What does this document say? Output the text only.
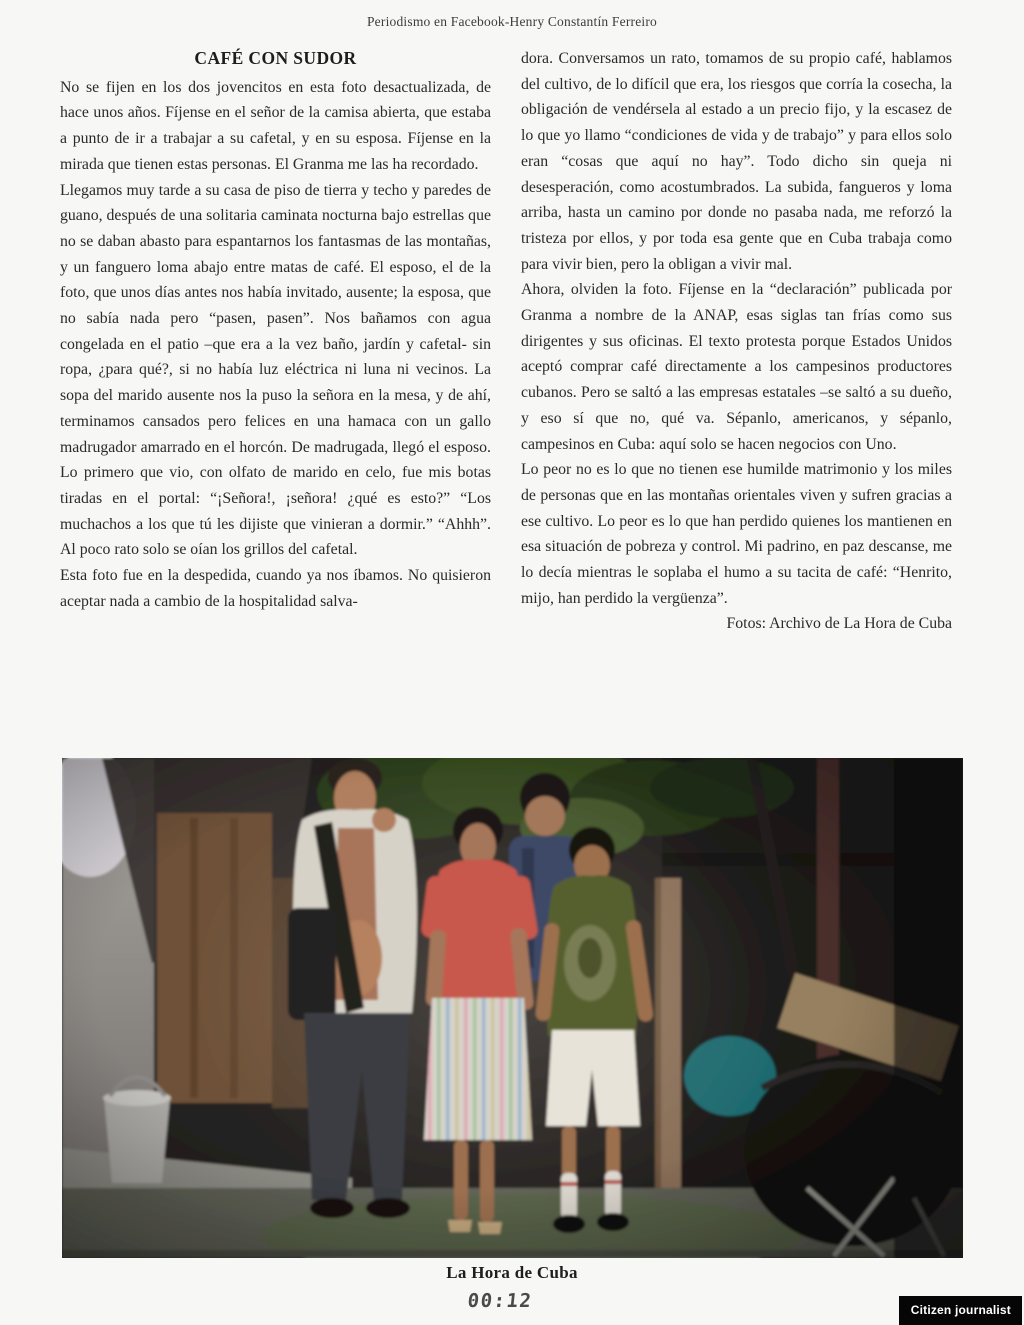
Periodismo en Facebook-Henry Constantín Ferreiro
CAFÉ CON SUDOR

No se fijen en los dos jovencitos en esta foto desactualizada, de hace unos años. Fíjense en el señor de la camisa abierta, que estaba a punto de ir a trabajar a su cafetal, y en su esposa. Fíjense en la mirada que tienen estas personas. El Granma me las ha recordado.

Llegamos muy tarde a su casa de piso de tierra y techo y paredes de guano, después de una solitaria caminata nocturna bajo estrellas que no se daban abasto para espantarnos los fantasmas de las montañas, y un fanguero loma abajo entre matas de café. El esposo, el de la foto, que unos días antes nos había invitado, ausente; la esposa, que no sabía nada pero “pasen, pasen”. Nos bañamos con agua congelada en el patio –que era a la vez baño, jardín y cafetal- sin ropa, ¿para qué?, si no había luz eléctrica ni luna ni vecinos. La sopa del marido ausente nos la puso la señora en la mesa, y de ahí, terminamos cansados pero felices en una hamaca con un gallo madrugador amarrado en el horcón. De madrugada, llegó el esposo. Lo primero que vio, con olfato de marido en celo, fue mis botas tiradas en el portal: “¡Señora!, ¡señora! ¿qué es esto?” “Los muchachos a los que tú les dijiste que vinieran a dormir.” “Ahhh”. Al poco rato solo se oían los grillos del cafetal.

Esta foto fue en la despedida, cuando ya nos íbamos. No quisieron aceptar nada a cambio de la hospitalidad salva-

dora. Conversamos un rato, tomamos de su propio café, hablamos del cultivo, de lo difícil que era, los riesgos que corría la cosecha, la obligación de vendérsela al estado a un precio fijo, y la escasez de lo que yo llamo “condiciones de vida y de trabajo” y para ellos solo eran “cosas que aquí no hay”. Todo dicho sin queja ni desesperación, como acostumbrados. La subida, fangueros y loma arriba, hasta un camino por donde no pasaba nada, me reforzó la tristeza por ellos, y por toda esa gente que en Cuba trabaja como para vivir bien, pero la obligan a vivir mal.

Ahora, olviden la foto. Fíjense en la “declaración” publicada por Granma a nombre de la ANAP, esas siglas tan frías como sus dirigentes y sus oficinas. El texto protesta porque Estados Unidos aceptó comprar café directamente a los campesinos productores cubanos. Pero se saltó a las empresas estatales –se saltó a su dueño, y eso sí que no, qué va. Sépanlo, americanos, y sépanlo, campesinos en Cuba: aquí solo se hacen negocios con Uno.

Lo peor no es lo que no tienen ese humilde matrimonio y los miles de personas que en las montañas orientales viven y sufren gracias a ese cultivo. Lo peor es lo que han perdido quienes los mantienen en esa situación de pobreza y control. Mi padrino, en paz descanse, me lo decía mientras le soplaba el humo a su tacita de café: “Henrito, mijo, han perdido la vergüenza”.

Fotos: Archivo de La Hora de Cuba
La Hora de Cuba
00:12	Citizen journalist
